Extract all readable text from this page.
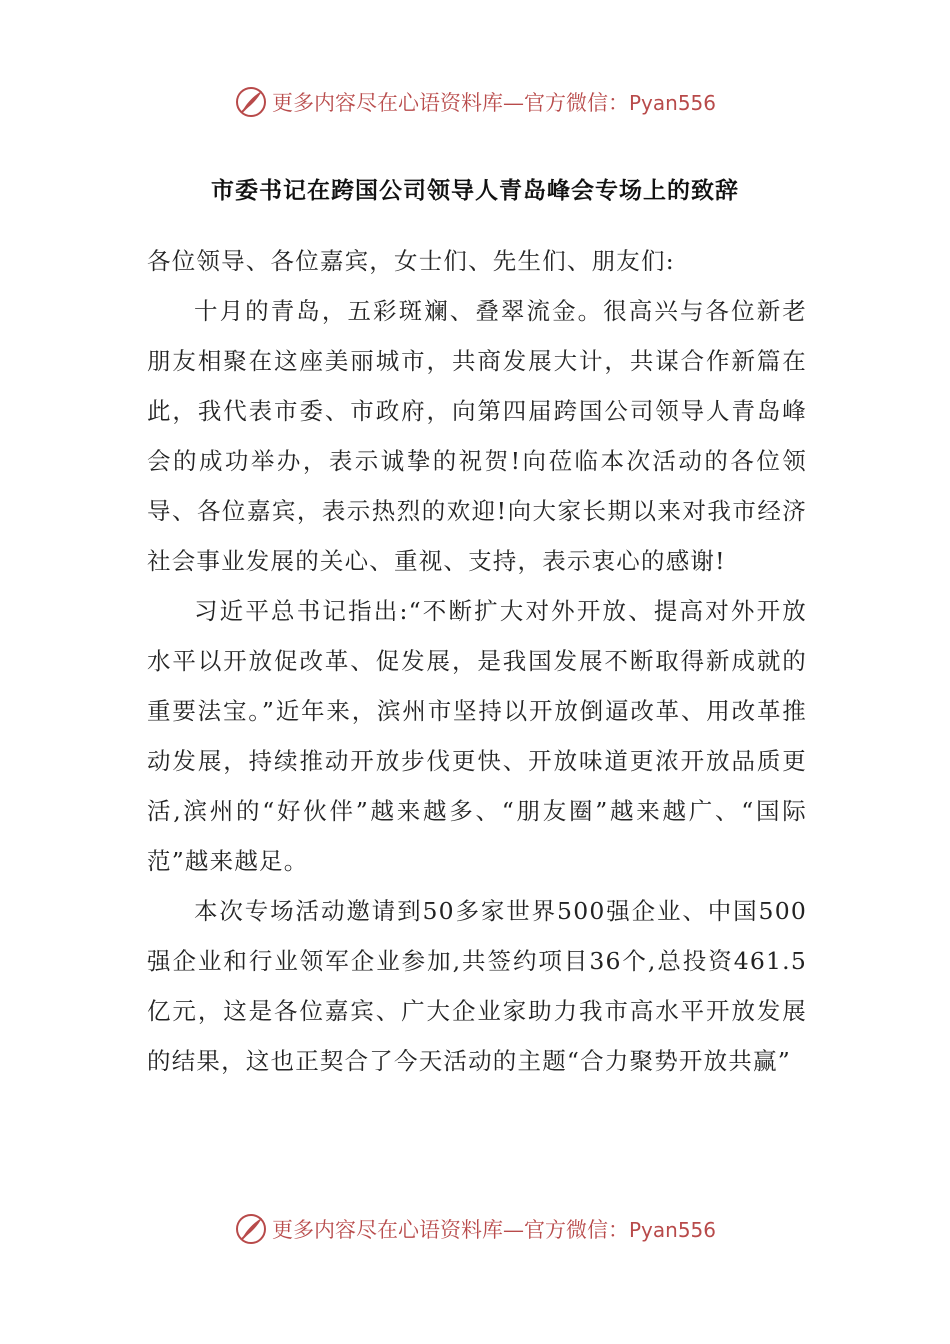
更多内容尽在心语资料库—官方微信：Pyan556
市委书记在跨国公司领导人青岛峰会专场上的致辞

各位领导、各位嘉宾，女士们、先生们、朋友们:

十月的青岛，五彩斑斓、叠翠流金。很高兴与各位新老朋友相聚在这座美丽城市，共商发展大计，共谋合作新篇在此，我代表市委、市政府，向第四届跨国公司领导人青岛峰会的成功举办，表示诚挚的祝贺!向莅临本次活动的各位领导、各位嘉宾，表示热烈的欢迎!向大家长期以来对我市经济社会事业发展的关心、重视、支持，表示衷心的感谢!

习近平总书记指出:“不断扩大对外开放、提高对外开放水平以开放促改革、促发展，是我国发展不断取得新成就的重要法宝。”近年来，滨州市坚持以开放倒逼改革、用改革推动发展，持续推动开放步伐更快、开放味道更浓开放品质更活,滨州的“好伙伴”越来越多、“朋友圈”越来越广、“国际范”越来越足。

本次专场活动邀请到50多家世界500强企业、中国500强企业和行业领军企业参加,共签约项目36个,总投资461.5亿元，这是各位嘉宾、广大企业家助力我市高水平开放发展的结果，这也正契合了今天活动的主题“合力聚势开放共赢”

更多内容尽在心语资料库—官方微信：Pyan556
